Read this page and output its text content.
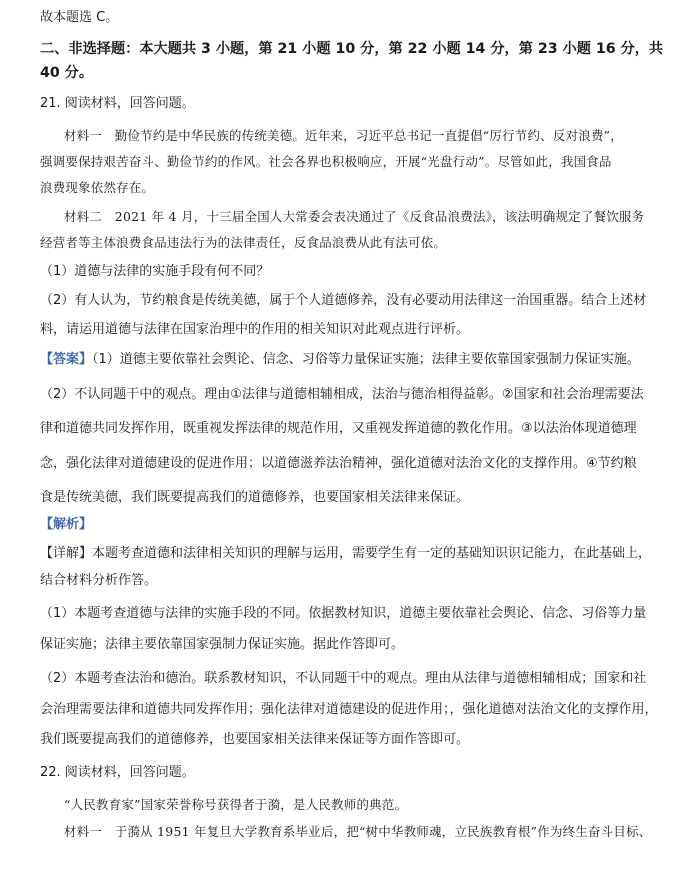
故本题选 C。
二、非选择题：本大题共 3 小题，第 21 小题 10 分，第 22 小题 14 分，第 23 小题 16 分，共
40 分。
21. 阅读材料，回答问题。
材料一　勤俭节约是中华民族的传统美德。近年来，习近平总书记一直提倡“厉行节约、反对浪费”，
强调要保持艰苦奋斗、勤俭节约的作风。社会各界也积极响应，开展“光盘行动”。尽管如此，我国食品
浪费现象依然存在。
材料二　2021 年 4 月，十三届全国人大常委会表决通过了《反食品浪费法》，该法明确规定了餐饮服务
经营者等主体浪费食品违法行为的法律责任，反食品浪费从此有法可依。
（1）道德与法律的实施手段有何不同？
（2）有人认为，节约粮食是传统美德，属于个人道德修养，没有必要动用法律这一治国重器。结合上述材
料，请运用道德与法律在国家治理中的作用的相关知识对此观点进行评析。
【答案】（1）道德主要依靠社会舆论、信念、习俗等力量保证实施；法律主要依靠国家强制力保证实施。
（2）不认同题干中的观点。理由①法律与道德相辅相成，法治与德治相得益彰。②国家和社会治理需要法
律和道德共同发挥作用，既重视发挥法律的规范作用，又重视发挥道德的教化作用。③以法治体现道德理
念，强化法律对道德建设的促进作用；以道德滋养法治精神，强化道德对法治文化的支撑作用。④节约粮
食是传统美德，我们既要提高我们的道德修养，也要国家相关法律来保证。
【解析】
【详解】本题考查道德和法律相关知识的理解与运用，需要学生有一定的基础知识识记能力，在此基础上，
结合材料分析作答。
（1）本题考查道德与法律的实施手段的不同。依据教材知识，道德主要依靠社会舆论、信念、习俗等力量
保证实施；法律主要依靠国家强制力保证实施。据此作答即可。
（2）本题考查法治和德治。联系教材知识，不认同题干中的观点。理由从法律与道德相辅相成；国家和社
会治理需要法律和道德共同发挥作用；强化法律对道德建设的促进作用；，强化道德对法治文化的支撑作用，
我们既要提高我们的道德修养，也要国家相关法律来保证等方面作答即可。
22. 阅读材料，回答问题。
“人民教育家”国家荣誉称号获得者于漪，是人民教师的典范。
材料一　于漪从 1951 年复旦大学教育系毕业后，把“树中华教师魂，立民族教育根”作为终生奋斗目标、
